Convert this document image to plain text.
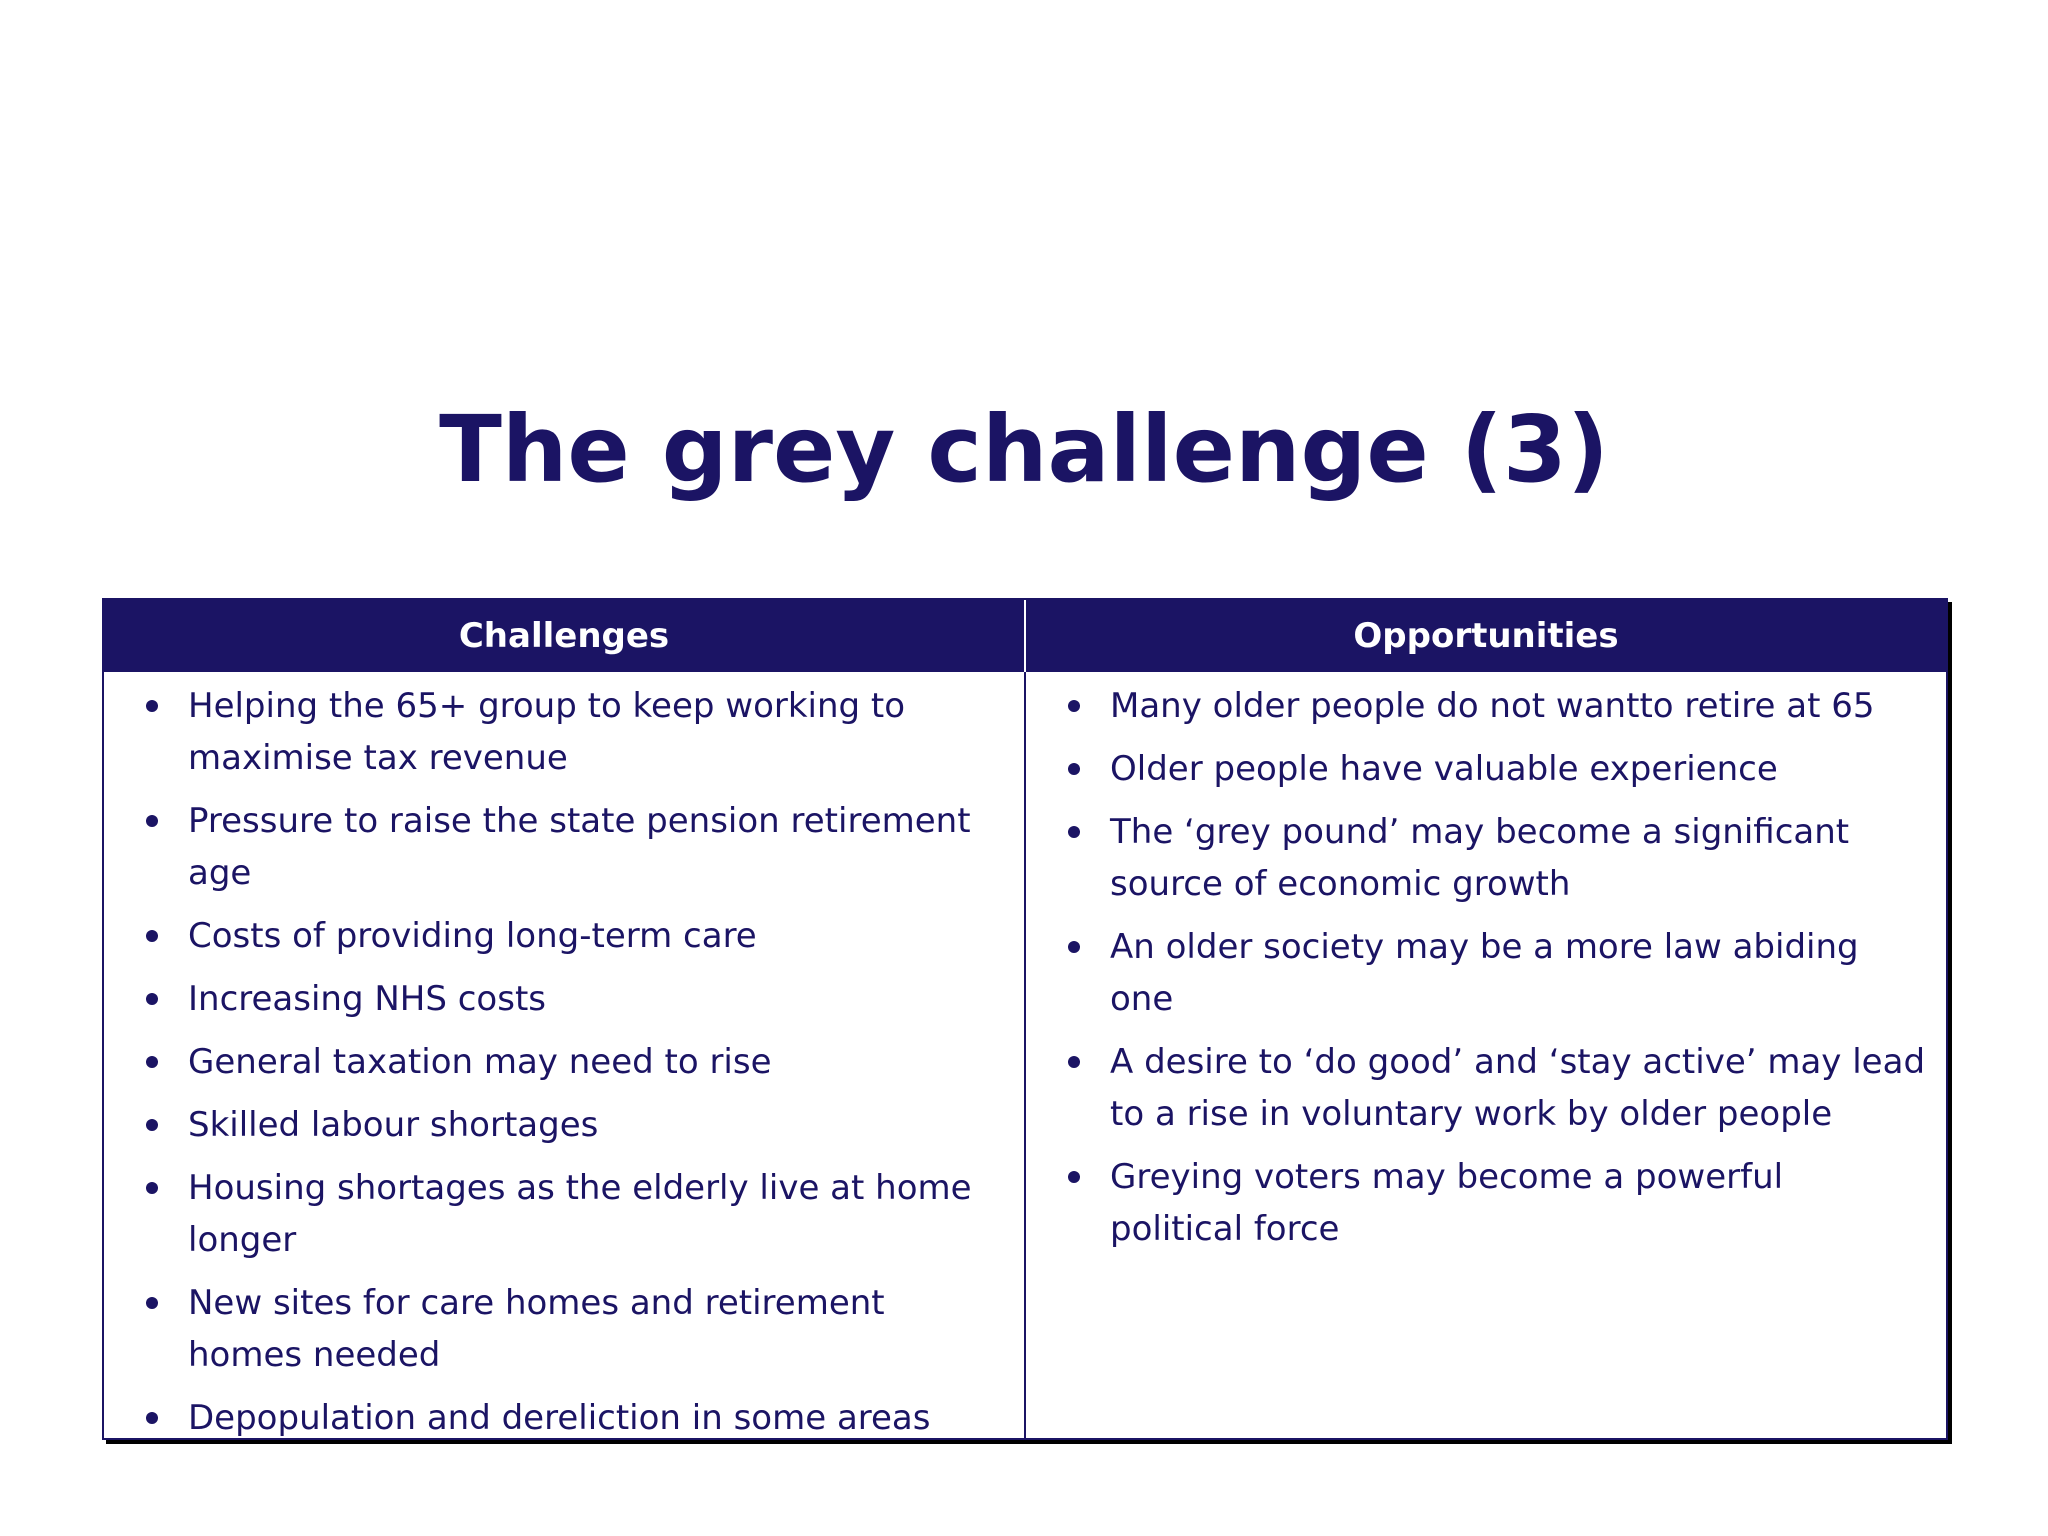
The grey challenge (3)
Challenges	Opportunities
Helping the 65+ group to keep working to maximise tax revenue
Pressure to raise the state pension retirement age
Costs of providing long-term care
Increasing NHS costs
General taxation may need to rise
Skilled labour shortages
Housing shortages as the elderly live at home longer
New sites for care homes and retirement homes needed
Depopulation and dereliction in some areas
Many older people do not wantto retire at 65
Older people have valuable experience
The ‘grey pound’ may become a significant source of economic growth
An older society may be a more law abiding one
A desire to ‘do good’ and ‘stay active’ may lead to a rise in voluntary work by older people
Greying voters may become a powerful political force
